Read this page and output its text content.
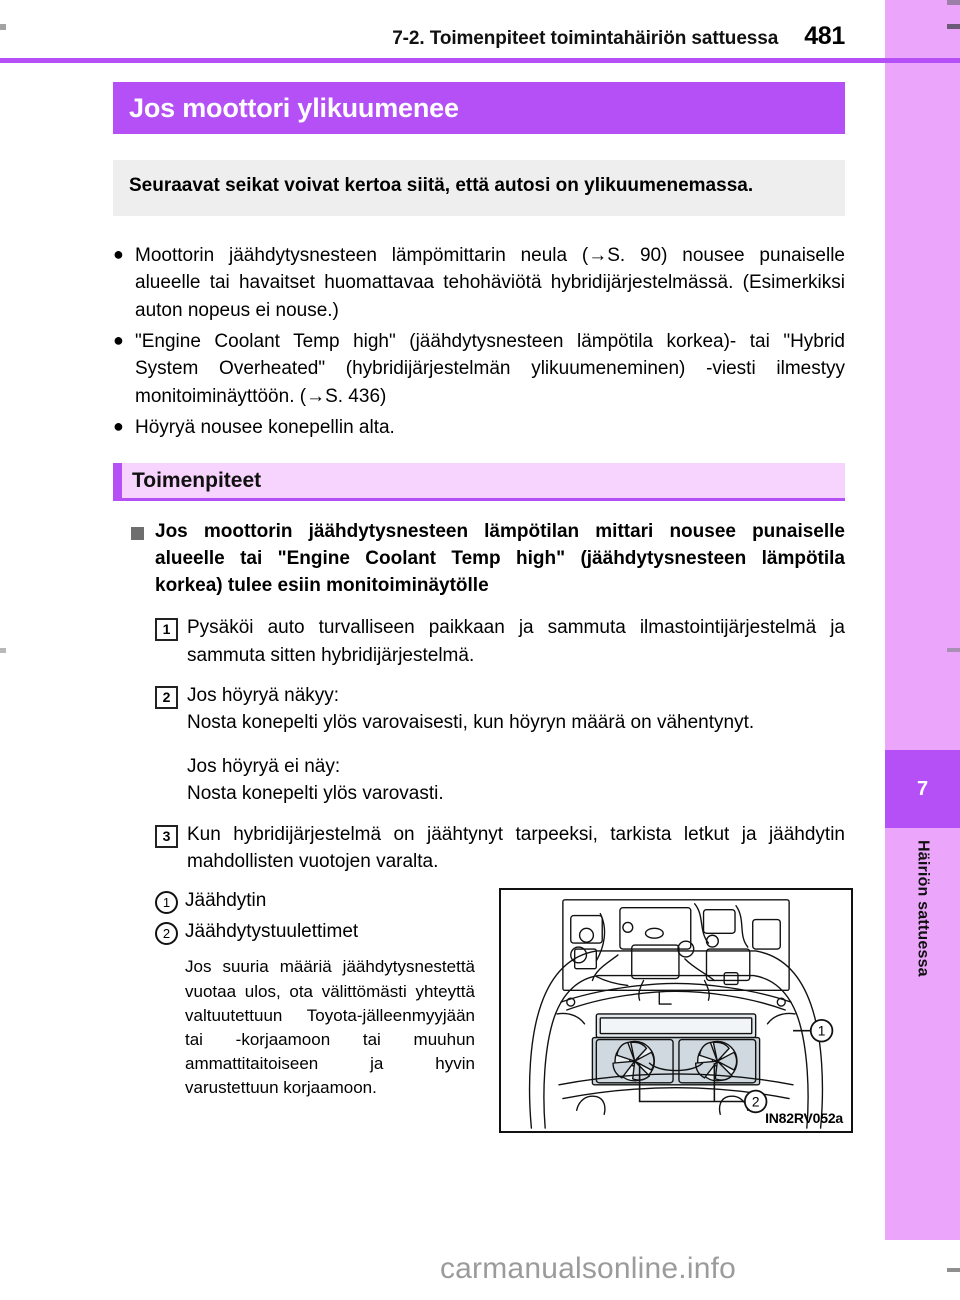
7
Häiriön sattuessa
7-2. Toimenpiteet toimintahäiriön sattuessa 481
Jos moottori ylikuumenee
Seuraavat seikat voivat kertoa siitä, että autosi on ylikuumenemassa.
● Moottorin jäähdytysnesteen lämpömittarin neula (→S. 90) nousee punaiselle alueelle tai havaitset huomattavaa tehohäviötä hybridijärjestelmässä. (Esimerkiksi auton nopeus ei nouse.)
● "Engine Coolant Temp high" (jäähdytysnesteen lämpötila korkea)- tai "Hybrid System Overheated" (hybridijärjestelmän ylikuumeneminen) -viesti ilmestyy monitoiminäyttöön. (→S. 436)
● Höyryä nousee konepellin alta.
Toimenpiteet
Jos moottorin jäähdytysnesteen lämpötilan mittari nousee punaiselle alueelle tai "Engine Coolant Temp high" (jäähdytysnesteen lämpötila korkea) tulee esiin monitoiminäytölle
1 Pysäköi auto turvalliseen paikkaan ja sammuta ilmastointijärjestelmä ja sammuta sitten hybridijärjestelmä.

2 Jos höyryä näkyy:

Nosta konepelti ylös varovaisesti, kun höyryn määrä on vähentynyt.

Jos höyryä ei näy:

Nosta konepelti ylös varovasti.

3 Kun hybridijärjestelmä on jäähtynyt tarpeeksi, tarkista letkut ja jäähdytin mahdollisten vuotojen varalta.

1 Jäähdytin
2 Jäähdytystuulettimet
Jos suuria määriä jäähdytysnestettä vuotaa ulos, ota välittömästi yhteyttä valtuutettuun Toyota-jälleenmyyjään tai -korjaamoon tai muuhun ammattitaitoiseen ja hyvin varustettuun korjaamoon.
1
2
IN82RV052a
carmanualsonline.info
